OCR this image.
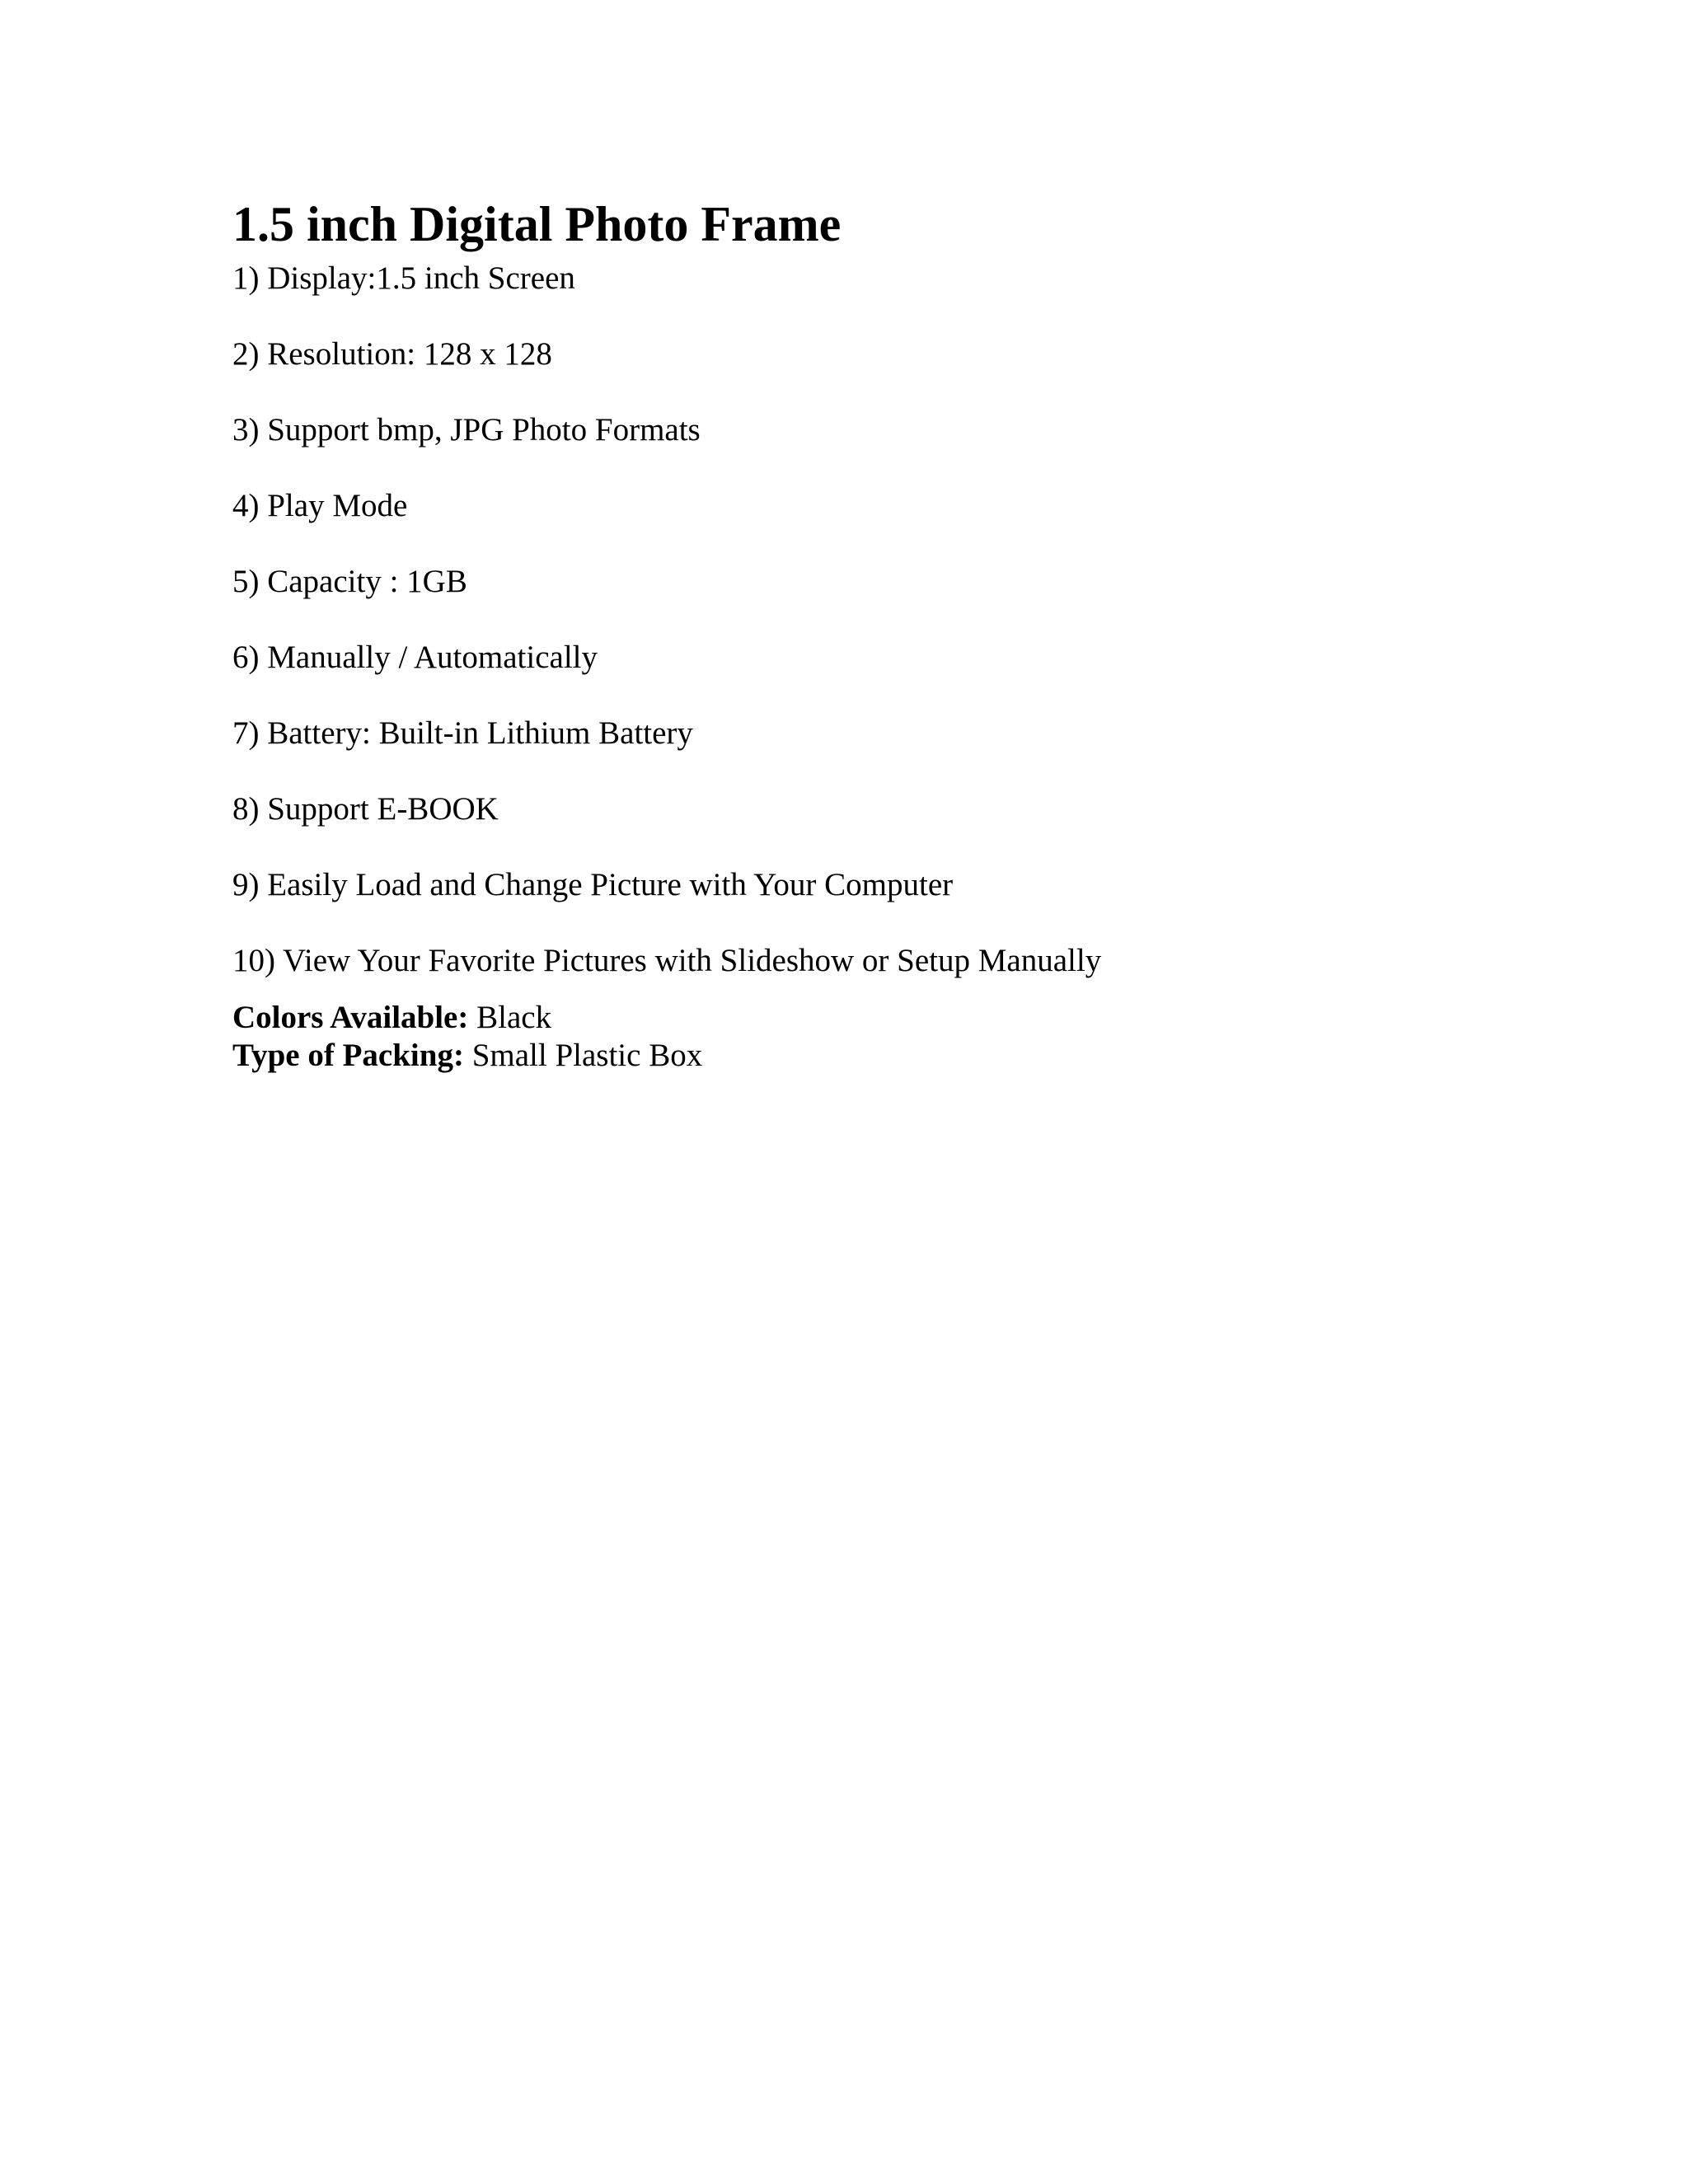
1.5 inch Digital Photo Frame
1) Display:1.5 inch Screen
2) Resolution: 128 x 128
3) Support bmp, JPG Photo Formats
4) Play Mode
5) Capacity : 1GB
6) Manually / Automatically
7) Battery: Built-in Lithium Battery
8) Support E-BOOK
9) Easily Load and Change Picture with Your Computer
10) View Your Favorite Pictures with Slideshow or Setup Manually
Colors Available: Black
Type of Packing: Small Plastic Box
